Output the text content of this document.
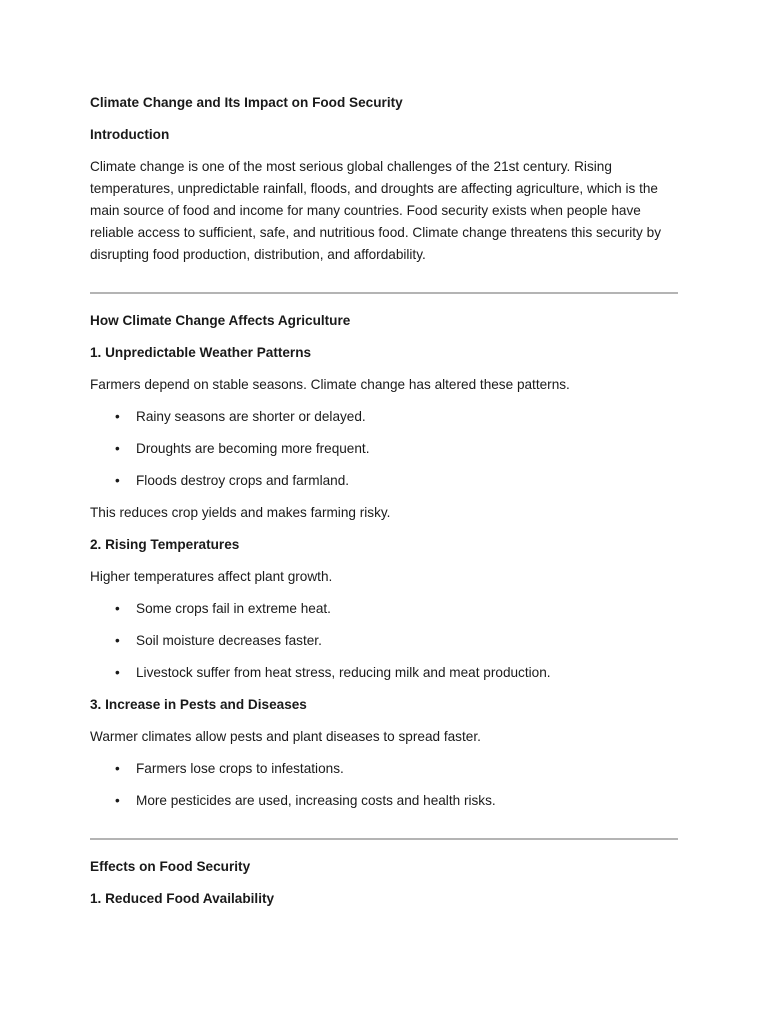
Climate Change and Its Impact on Food Security

Introduction

Climate change is one of the most serious global challenges of the 21st century. Rising temperatures, unpredictable rainfall, floods, and droughts are affecting agriculture, which is the main source of food and income for many countries. Food security exists when people have reliable access to sufficient, safe, and nutritious food. Climate change threatens this security by disrupting food production, distribution, and affordability.

How Climate Change Affects Agriculture

1. Unpredictable Weather Patterns

Farmers depend on stable seasons. Climate change has altered these patterns.

• Rainy seasons are shorter or delayed.
• Droughts are becoming more frequent.
• Floods destroy crops and farmland.

This reduces crop yields and makes farming risky.

2. Rising Temperatures

Higher temperatures affect plant growth.

• Some crops fail in extreme heat.
• Soil moisture decreases faster.
• Livestock suffer from heat stress, reducing milk and meat production.

3. Increase in Pests and Diseases

Warmer climates allow pests and plant diseases to spread faster.

• Farmers lose crops to infestations.
• More pesticides are used, increasing costs and health risks.

Effects on Food Security

1. Reduced Food Availability
